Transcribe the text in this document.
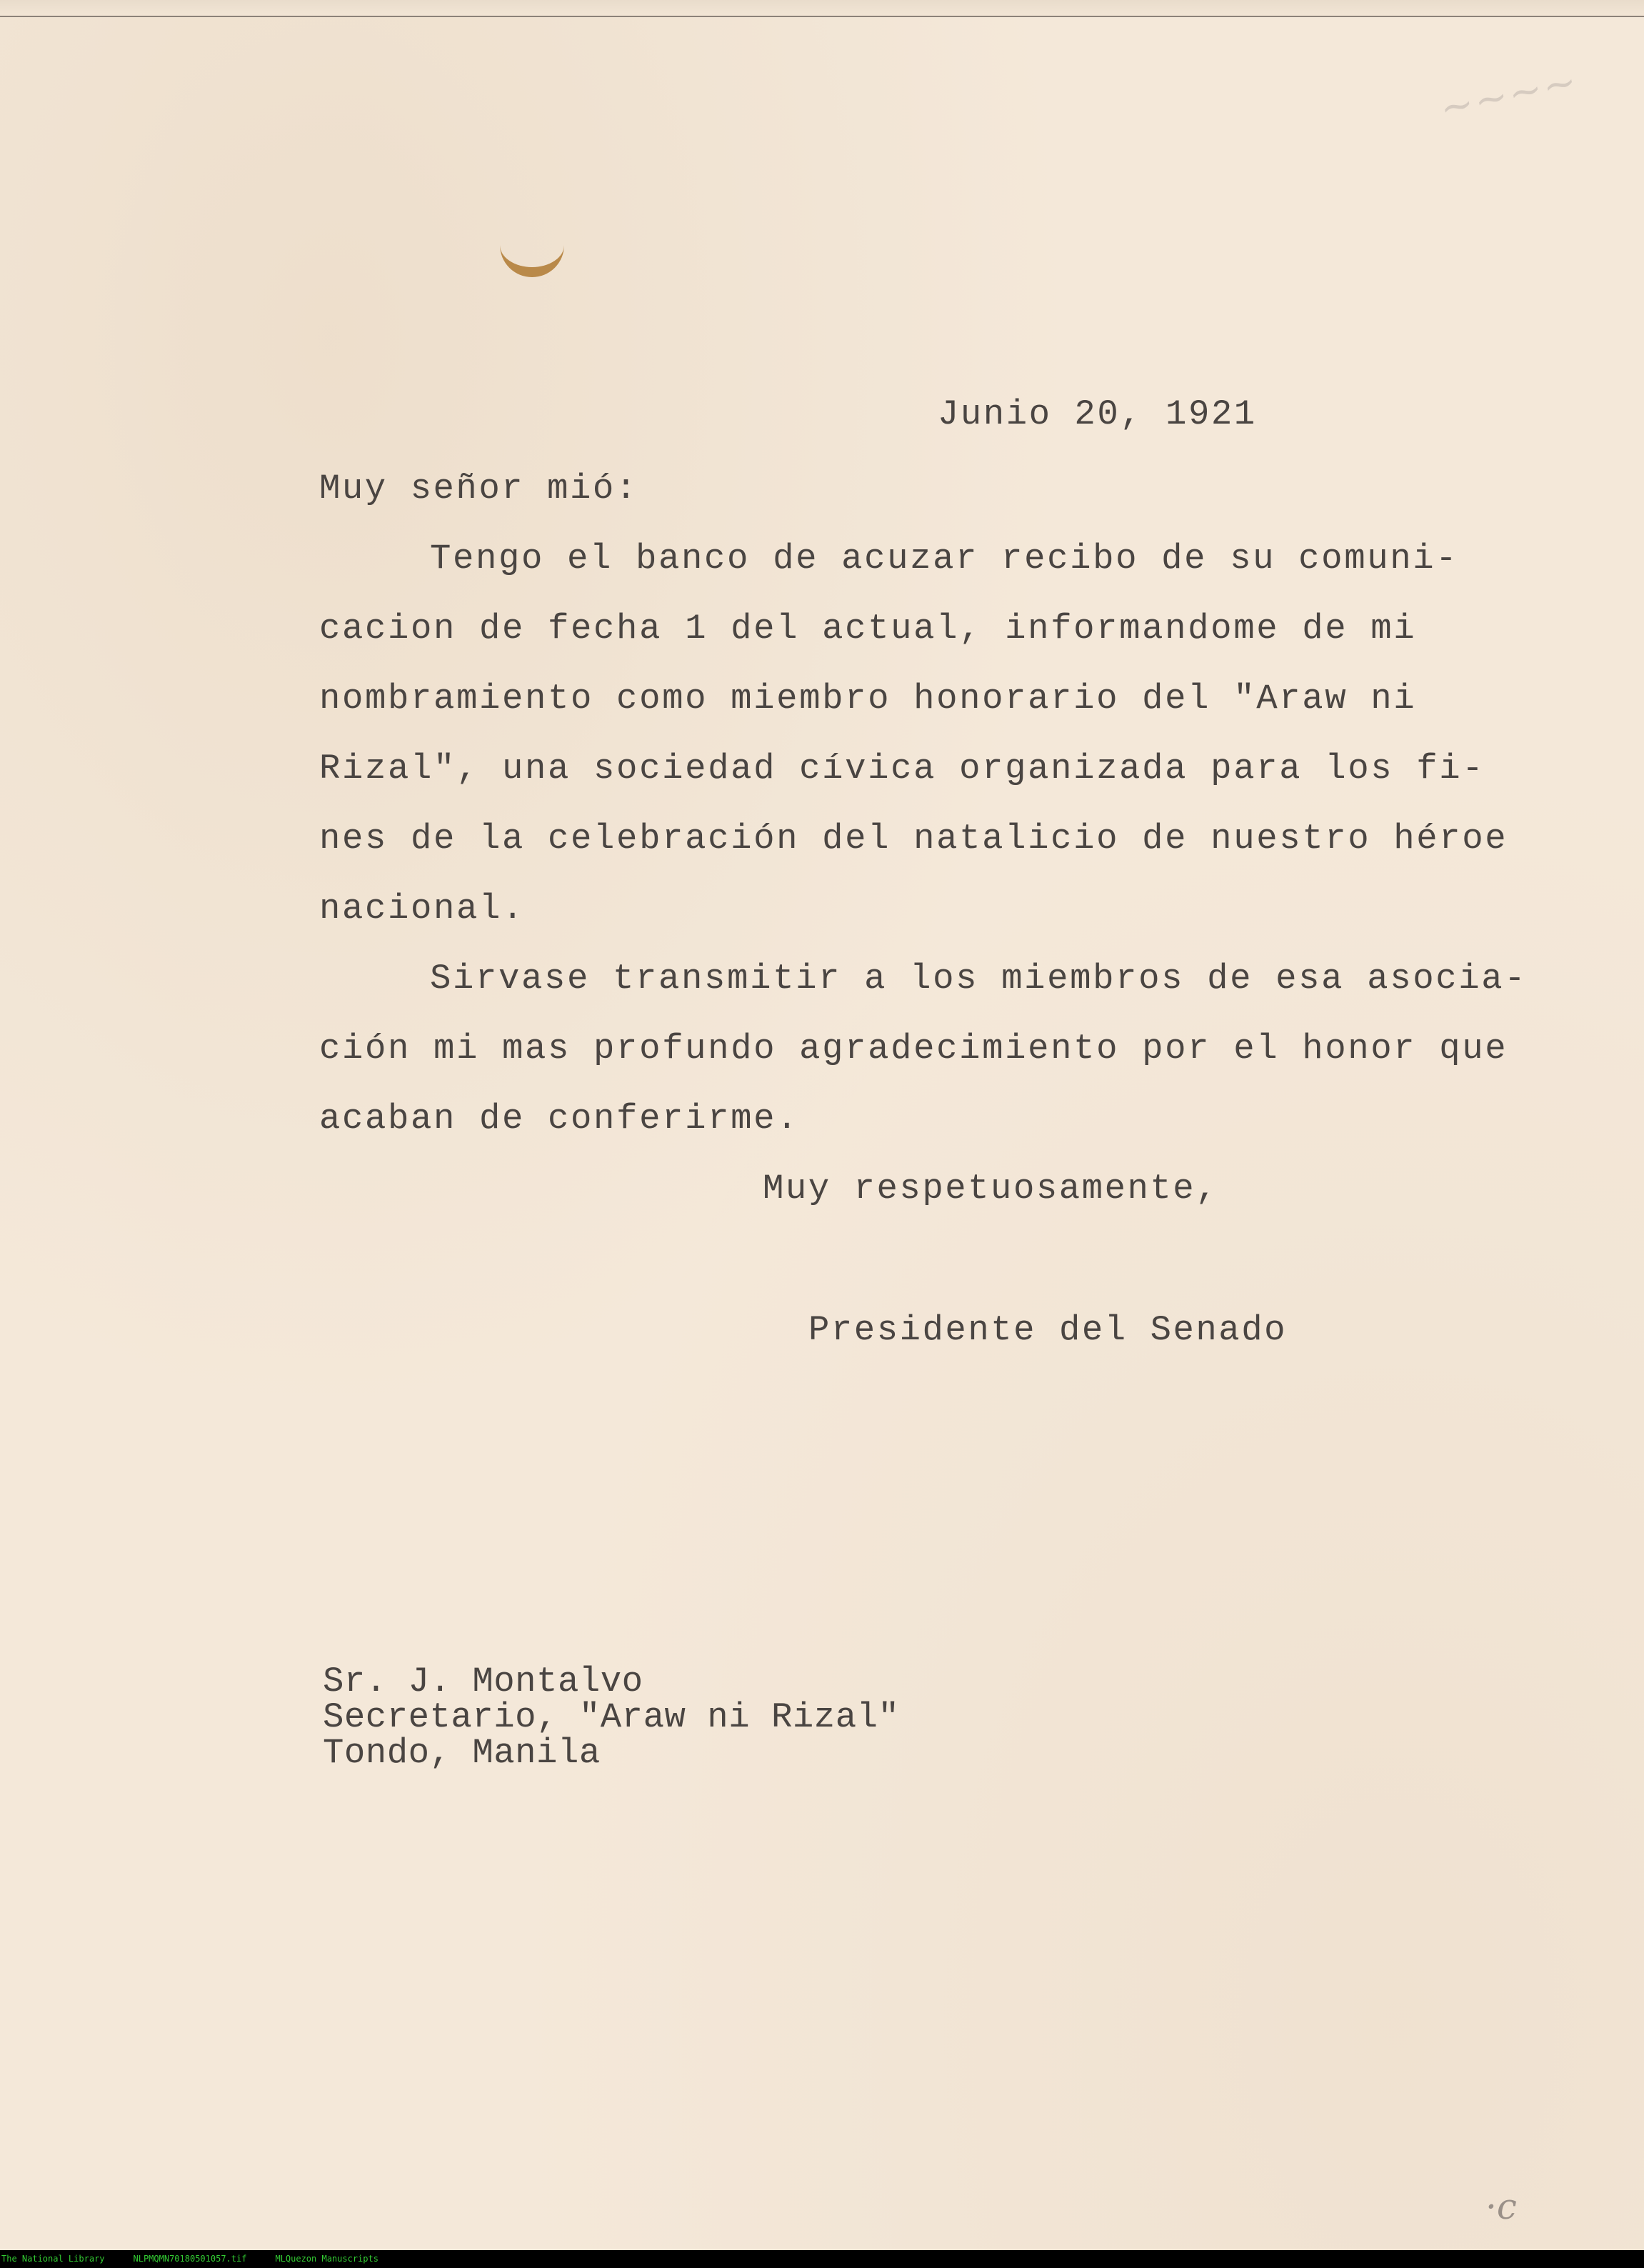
~~~~
Junio 20, 1921
Muy señor mió:
Tengo el banco de acuzar recibo de su comuni-
cacion de fecha 1 del actual, informandome de mi
nombramiento como miembro honorario del "Araw ni
Rizal", una sociedad cívica organizada para los fi-
nes de la celebración del natalicio de nuestro héroe
nacional.
Sirvase transmitir a los miembros de esa asocia-
ción mi mas profundo agradecimiento por el honor que
acaban de conferirme.
Muy respetuosamente,
Presidente del Senado
Sr. J. Montalvo
Secretario, "Araw ni Rizal"
Tondo, Manila
·c
The National Library	NLPMQMN70180501057.tif	MLQuezon Manuscripts
